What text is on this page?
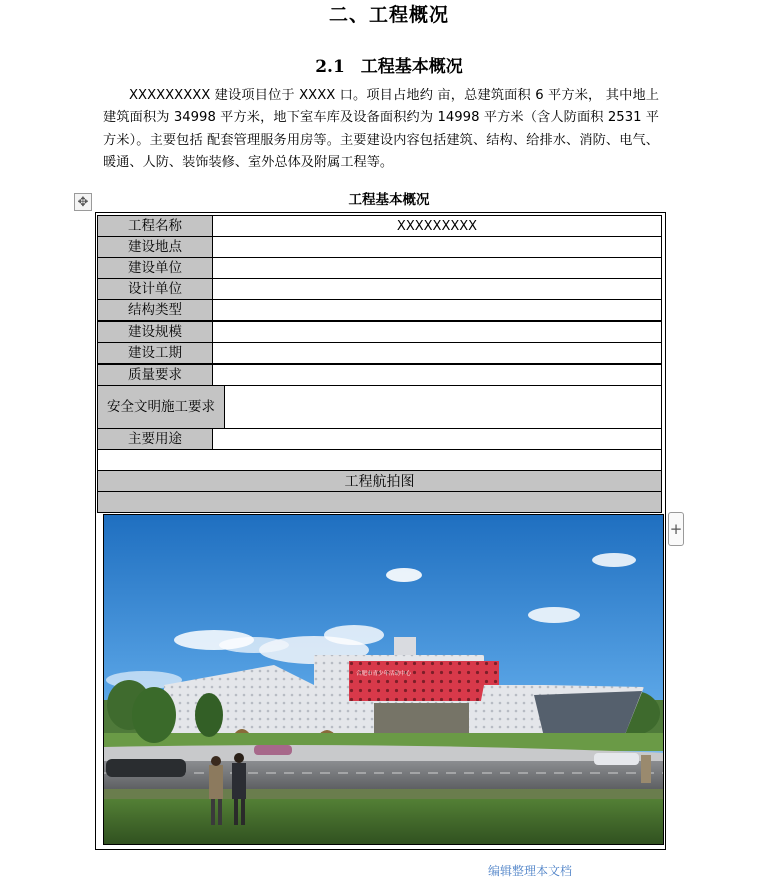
二、工程概况
2.1 工程基本概况
XXXXXXXXX 建设项目位于 XXXX 口。项目占地约 亩，总建筑面积 6 平方米， 其中地上建筑面积为 34998 平方米，地下室车库及设备面积约为 14998 平方米（含人防面积 2531 平方米）。主要包括 配套管理服务用房等。主要建设内容包括建筑、结构、给排水、消防、电气、暖通、人防、装饰装修、室外总体及附属工程等。
工程基本概况
✥
+
工程名称	XXXXXXXXX
建设地点
建设单位
设计单位
结构类型
建设规模
建设工期
质量要求
安全文明施工要求
主要用途
工程航拍图
合肥市青少年活动中心
编辑整理本文档
